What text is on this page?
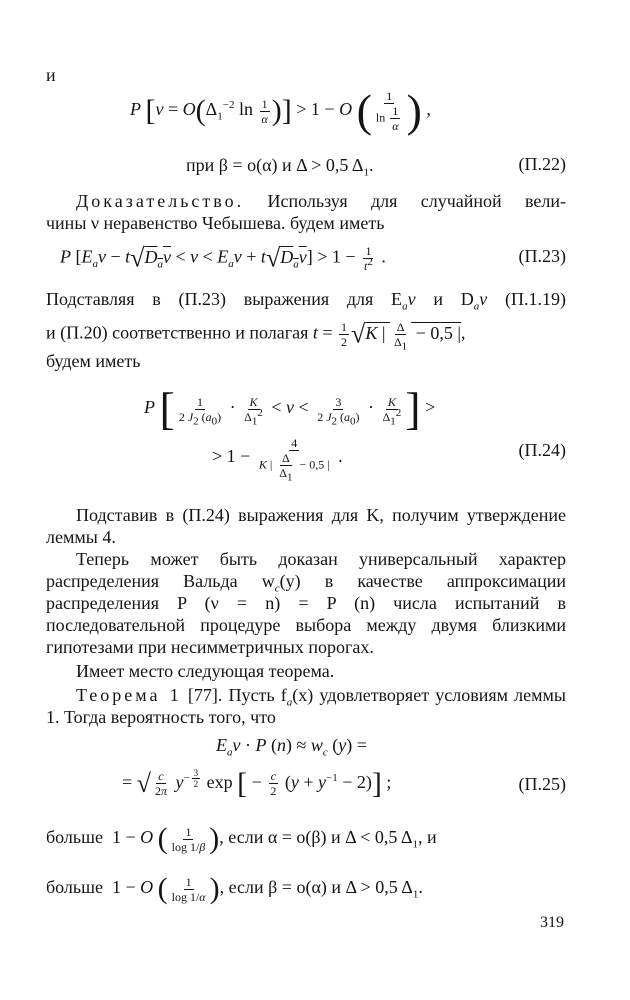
и
P [$\nu = O(\Delta_1^{-2}$ $\ln \frac{1}{\alpha}$ )] > 1 − O ( $\frac{1}{\ln \frac{1}{\alpha}}$ ) ,
при β = o(α) и Δ > 0,5 $\Delta_1$.	(П.22)
Доказательство. Используя для случайной вели-
чины ν неравенство Чебышева. будем иметь
P $[E_a\nu - t√D_a\nu < \nu < E_a\nu + t√D_a\nu] > 1 - \frac{1}{t^2}$ .	(П.23)
Подставляя в (П.23) выражения для $E_a\nu$ и $D_a\nu$ (П.1.19)
и (П.20) соответственно и полагая $t = \frac{1}{2} √K$ | $\frac{\Delta}{\Delta_1} - 0,5$ |,
будем иметь
P [ $\frac{1}{2 J_2 (a_0)} \cdot \frac{K}{\Delta_1^2} < \nu < \frac{3}{2 J_2 (a_0)} \cdot \frac{K}{\Delta_1^2}$ ] >
> $1 - \frac{4}{K | \frac{\Delta}{\Delta_1} - 0,5 |}$ .	(П.24)
Подставив в (П.24) выражения для K, получим утверждение леммы 4.
Теперь может быть доказан универсальный характер распределения Вальда $w_c(y)$ в качестве аппроксимации распределения P (ν = n) = P (n) числа испытаний в последовательной процедуре выбора между двумя близкими гипотезами при несимметричных порогах.
Имеет место следующая теорема.
Теорема 1 [77]. Пусть $f_a(x)$ удовлетворяет условиям леммы 1. Тогда вероятность того, что
$E_a\nu \cdot P$ $(n) \approx w_c$ (y) =
= √ $\frac{c}{2\pi} y^{- \frac{3}{2}}$ exp [ − $\frac{c}{2} (y + y^{-1} - 2)$] ;	(П.25)
больше  1 − O ( $\frac{1}{\log 1/\beta}$ ), если α = o(β) и Δ < 0,5 $\Delta_1$, и
больше  1 − O ( $\frac{1}{\log 1/\alpha}$ ), если β = o(α) и Δ > 0,5 $\Delta_1$.
319
